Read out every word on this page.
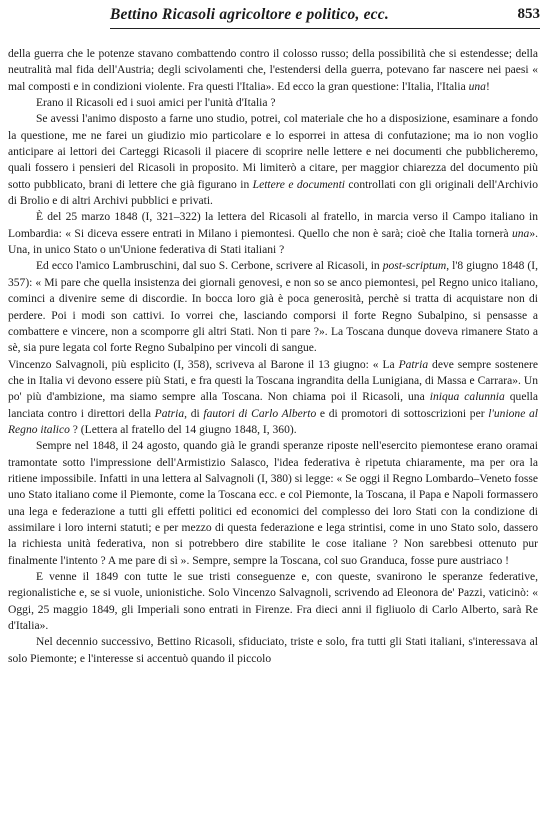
Bettino Ricasoli agricoltore e politico, ecc.	853

della guerra che le potenze stavano combattendo contro il colosso russo; della possibilità che si estendesse; della neutralità mal fida dell'Austria; degli scivolamenti che, l'estendersi della guerra, potevano far nascere nei paesi « mal composti e in condizioni violente. Fra questi l'Italia». Ed ecco la gran questione: l'Italia, l'Italia una!

Erano il Ricasoli ed i suoi amici per l'unità d'Italia ?

Se avessi l'animo disposto a farne uno studio, potrei, col materiale che ho a disposizione, esaminare a fondo la questione, me ne farei un giudizio mio particolare e lo esporrei in attesa di confutazione; ma io non voglio anticipare ai lettori dei Carteggi Ricasoli il piacere di scoprire nelle lettere e nei documenti che pubblicheremo, quali fossero i pensieri del Ricasoli in proposito. Mi limiterò a citare, per maggior chiarezza del documento più sotto pubblicato, brani di lettere che già figurano in Lettere e documenti controllati con gli originali dell'Archivio di Brolio e di altri Archivi pubblici e privati.

È del 25 marzo 1848 (I, 321–322) la lettera del Ricasoli al fratello, in marcia verso il Campo italiano in Lombardia: « Si diceva essere entrati in Milano i piemontesi. Quello che non è sarà; cioè che Italia tornerà una». Una, in unico Stato o un'Unione federativa di Stati italiani ?

Ed ecco l'amico Lambruschini, dal suo S. Cerbone, scrivere al Ricasoli, in post-scriptum, l'8 giugno 1848 (I, 357): « Mi pare che quella insistenza dei giornali genovesi, e non so se anco piemontesi, pel Regno unico italiano, cominci a divenire seme di discordie. In bocca loro già è poca generosità, perchè si tratta di acquistare non di perdere. Poi i modi son cattivi. Io vorrei che, lasciando comporsi il forte Regno Subalpino, si pensasse a combattere e vincere, non a scomporre gli altri Stati. Non ti pare ?». La Toscana dunque doveva rimanere Stato a sè, sia pure legata col forte Regno Subalpino per vincoli di sangue.

Vincenzo Salvagnoli, più esplicito (I, 358), scriveva al Barone il 13 giugno: « La Patria deve sempre sostenere che in Italia vi devono essere più Stati, e fra questi la Toscana ingrandita della Lunigiana, di Massa e Carrara». Un po' più d'ambizione, ma siamo sempre alla Toscana. Non chiama poi il Ricasoli, una iniqua calunnia quella lanciata contro i direttori della Patria, di fautori di Carlo Alberto e di promotori di sottoscrizioni per l'unione al Regno italico ? (Lettera al fratello del 14 giugno 1848, I, 360).

Sempre nel 1848, il 24 agosto, quando già le grandi speranze riposte nell'esercito piemontese erano oramai tramontate sotto l'impressione dell'Armistizio Salasco, l'idea federativa è ripetuta chiaramente, ma per ora la ritiene impossibile. Infatti in una lettera al Salvagnoli (I, 380) si legge: « Se oggi il Regno Lombardo–Veneto fosse uno Stato italiano come il Piemonte, come la Toscana ecc. e col Piemonte, la Toscana, il Papa e Napoli formassero una lega e federazione a tutti gli effetti politici ed economici del complesso dei loro Stati con la condizione di assimilare i loro interni statuti; e per mezzo di questa federazione e lega strintisi, come in uno Stato solo, dassero la richiesta unità federativa, non si potrebbero dire stabilite le cose italiane ? Non sarebbesi ottenuto pur finalmente l'intento ? A me pare di sì ». Sempre, sempre la Toscana, col suo Granduca, fosse pure austriaco !

E venne il 1849 con tutte le sue tristi conseguenze e, con queste, svanirono le speranze federative, regionalistiche e, se si vuole, unionistiche. Solo Vincenzo Salvagnoli, scrivendo ad Eleonora de' Pazzi, vaticinò: « Oggi, 25 maggio 1849, gli Imperiali sono entrati in Firenze. Fra dieci anni il figliuolo di Carlo Alberto, sarà Re d'Italia».

Nel decennio successivo, Bettino Ricasoli, sfiduciato, triste e solo, fra tutti gli Stati italiani, s'interessava al solo Piemonte; e l'interesse si accentuò quando il piccolo
